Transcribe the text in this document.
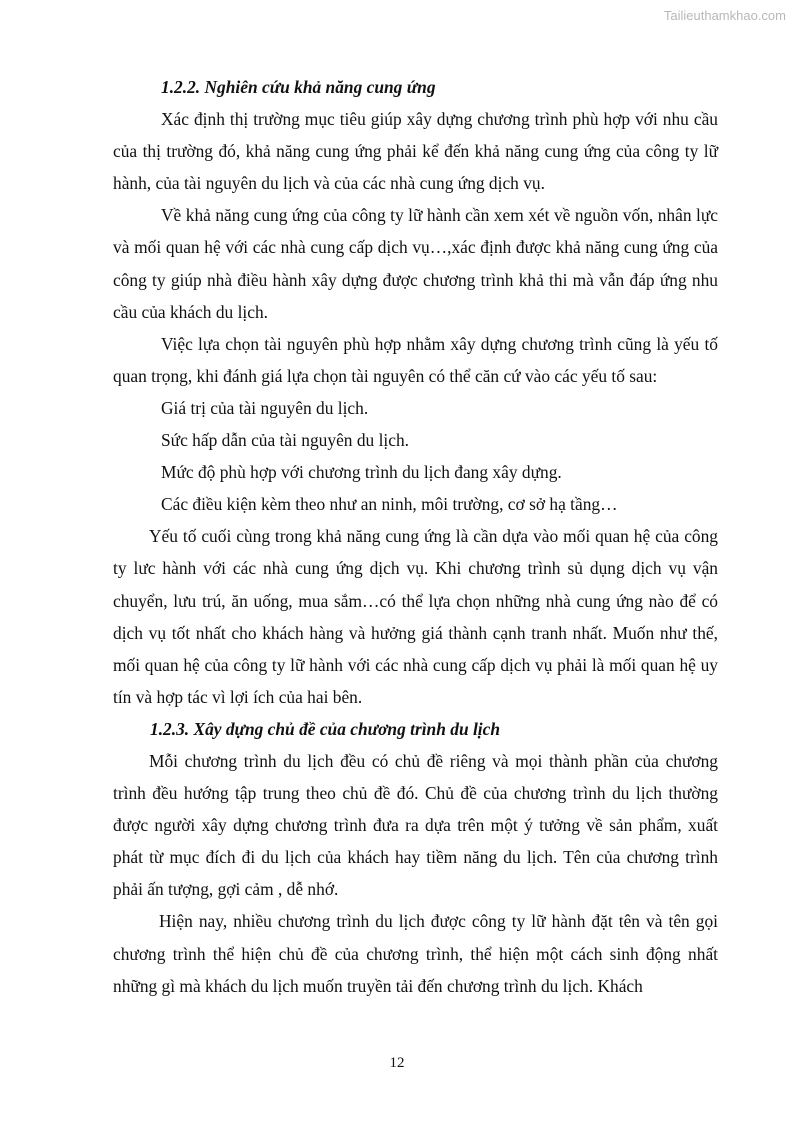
Tailieuthamkhao.com

1.2.2. Nghiên cứu khả năng cung ứng

Xác định thị trường mục tiêu giúp xây dựng chương trình phù hợp với nhu cầu của thị trường đó, khả năng cung ứng phải kể đến khả năng cung ứng của công ty lữ hành, của tài nguyên du lịch và của các nhà cung ứng dịch vụ.

Về khả năng cung ứng của công ty lữ hành cần xem xét về nguồn vốn, nhân lực và mối quan hệ với các nhà cung cấp dịch vụ…,xác định được khả năng cung ứng của công ty giúp nhà điều hành xây dựng được chương trình khả thi mà vẫn đáp ứng nhu cầu của khách du lịch.

Việc lựa chọn tài nguyên phù hợp nhằm xây dựng chương trình cũng là yếu tố quan trọng, khi đánh giá lựa chọn tài nguyên có thể căn cứ vào các yếu tố sau:

Giá trị của tài nguyên du lịch.

Sức hấp dẫn của tài nguyên du lịch.

Mức độ phù hợp với chương trình du lịch đang xây dựng.

Các điều kiện kèm theo như an ninh, môi trường, cơ sở hạ tầng…

Yếu tố cuối cùng trong khả năng cung ứng là cần dựa vào mối quan hệ của công ty lưc hành với các nhà cung ứng dịch vụ. Khi chương trình sủ dụng dịch vụ vận chuyển, lưu trú, ăn uống, mua sắm…có thể lựa chọn những nhà cung ứng nào để có dịch vụ tốt nhất cho khách hàng và hưởng giá thành cạnh tranh nhất. Muốn như thế, mối quan hệ của công ty lữ hành với các nhà cung cấp dịch vụ phải là mối quan hệ uy tín và hợp tác vì lợi ích của hai bên.

1.2.3. Xây dựng chủ đề của chương trình du lịch

Mỗi chương trình du lịch đều có chủ đề riêng và mọi thành phần của chương trình đều hướng tập trung theo chủ đề đó. Chủ đề của chương trình du lịch thường được người xây dựng chương trình đưa ra dựa trên một ý tưởng về sản phẩm, xuất phát từ mục đích đi du lịch của khách hay tiềm năng du lịch. Tên của chương trình phải ấn tượng, gợi cảm , dễ nhớ.

Hiện nay, nhiều chương trình du lịch được công ty lữ hành đặt tên và tên gọi chương trình thể hiện chủ đề của chương trình, thể hiện một cách sinh động nhất những gì mà khách du lịch muốn truyền tải đến chương trình du lịch. Khách

12
